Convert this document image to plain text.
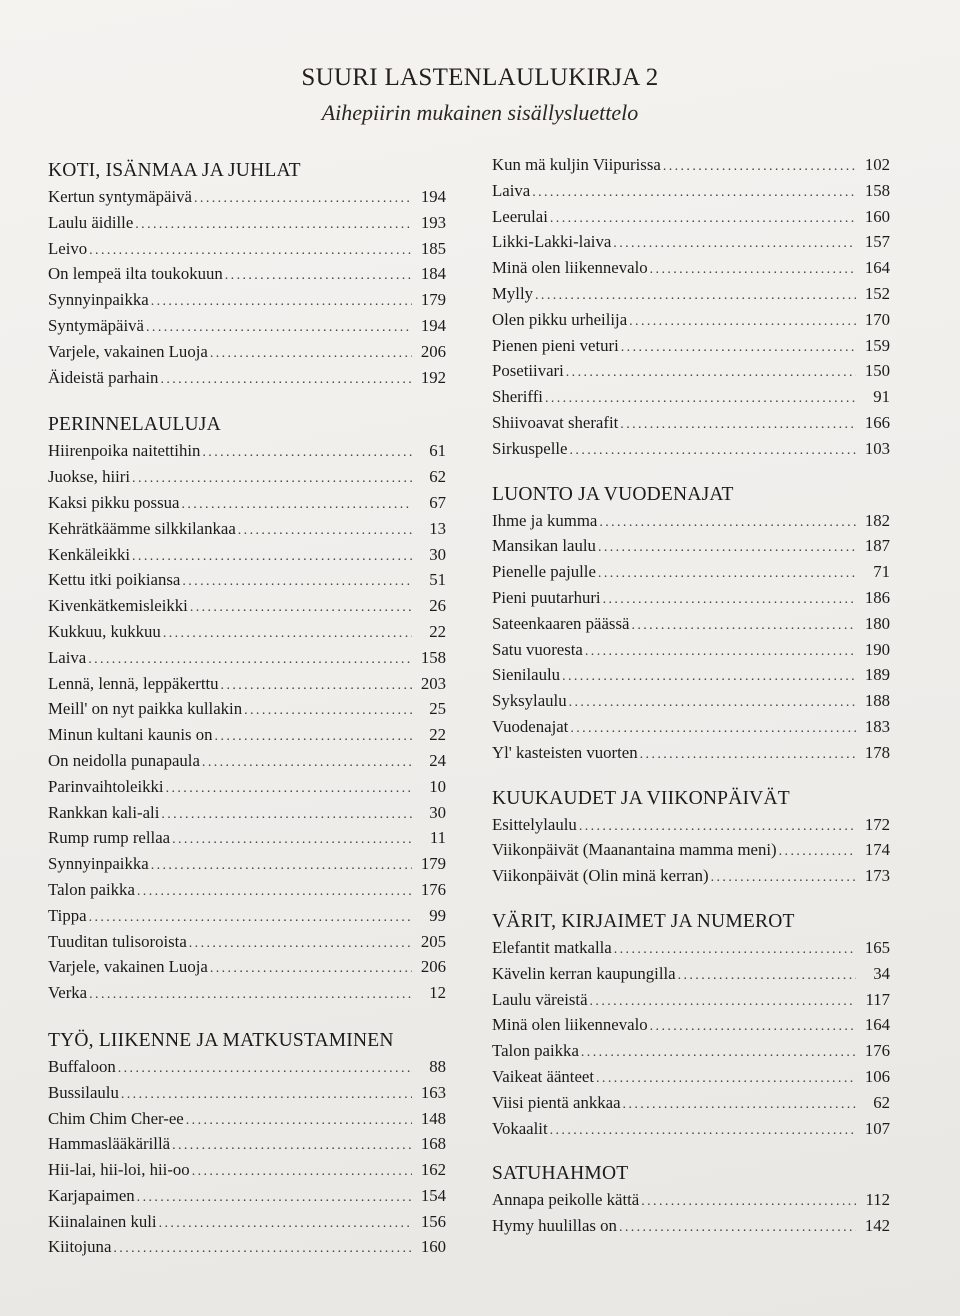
SUURI LASTENLAULUKIRJA 2
Aihepiirin mukainen sisällysluettelo
KOTI, ISÄNMAA JA JUHLAT
Kertun syntymäpäivä .....	194
Laulu äidille .....	193
Leivo .....	185
On lempeä ilta toukokuun .....	184
Synnyinpaikka .....	179
Syntymäpäivä .....	194
Varjele, vakainen Luoja .....	206
Äideistä parhain .....	192
PERINNELAULUJA
Hiirenpoika naitettihin .....	61
Juokse, hiiri .....	62
Kaksi pikku possua .....	67
Kehrätkäämme silkkilankaa .....	13
Kenkäleikki .....	30
Kettu itki poikiansa .....	51
Kivenkätkemisleikki .....	26
Kukkuu, kukkuu .....	22
Laiva .....	158
Lennä, lennä, leppäkerttu .....	203
Meill' on nyt paikka kullakin .....	25
Minun kultani kaunis on .....	22
On neidolla punapaula .....	24
Parinvaihtoleikki .....	10
Rankkan kali-ali .....	30
Rump rump rellaa .....	11
Synnyinpaikka .....	179
Talon paikka .....	176
Tippa .....	99
Tuuditan tulisoroista .....	205
Varjele, vakainen Luoja .....	206
Verka .....	12
TYÖ, LIIKENNE JA MATKUSTAMINEN
Buffaloon .....	88
Bussilaulu .....	163
Chim Chim Cher-ee .....	148
Hammaslääkärillä .....	168
Hii-lai, hii-loi, hii-oo .....	162
Karjapaimen .....	154
Kiinalainen kuli .....	156
Kiitojuna .....	160
Kun mä kuljin Viipurissa .....	102
Laiva .....	158
Leerulai .....	160
Likki-Lakki-laiva .....	157
Minä olen liikennevalo .....	164
Mylly .....	152
Olen pikku urheilija .....	170
Pienen pieni veturi .....	159
Posetiivari .....	150
Sheriffi .....	91
Shiivoavat sherafit .....	166
Sirkuspelle .....	103
LUONTO JA VUODENAJAT
Ihme ja kumma .....	182
Mansikan laulu .....	187
Pienelle pajulle .....	71
Pieni puutarhuri .....	186
Sateenkaaren päässä .....	180
Satu vuoresta .....	190
Sienilaulu .....	189
Syksylaulu .....	188
Vuodenajat .....	183
Yl' kasteisten vuorten .....	178
KUUKAUDET JA VIIKONPÄIVÄT
Esittelylaulu .....	172
Viikonpäivät (Maanantaina mamma meni) .....	174
Viikonpäivät (Olin minä kerran) .....	173
VÄRIT, KIRJAIMET JA NUMEROT
Elefantit matkalla .....	165
Kävelin kerran kaupungilla .....	34
Laulu väreistä .....	117
Minä olen liikennevalo .....	164
Talon paikka .....	176
Vaikeat äänteet .....	106
Viisi pientä ankkaa .....	62
Vokaalit .....	107
SATUHAHMOT
Annapa peikolle kättä .....	112
Hymy huulillas on .....	142
